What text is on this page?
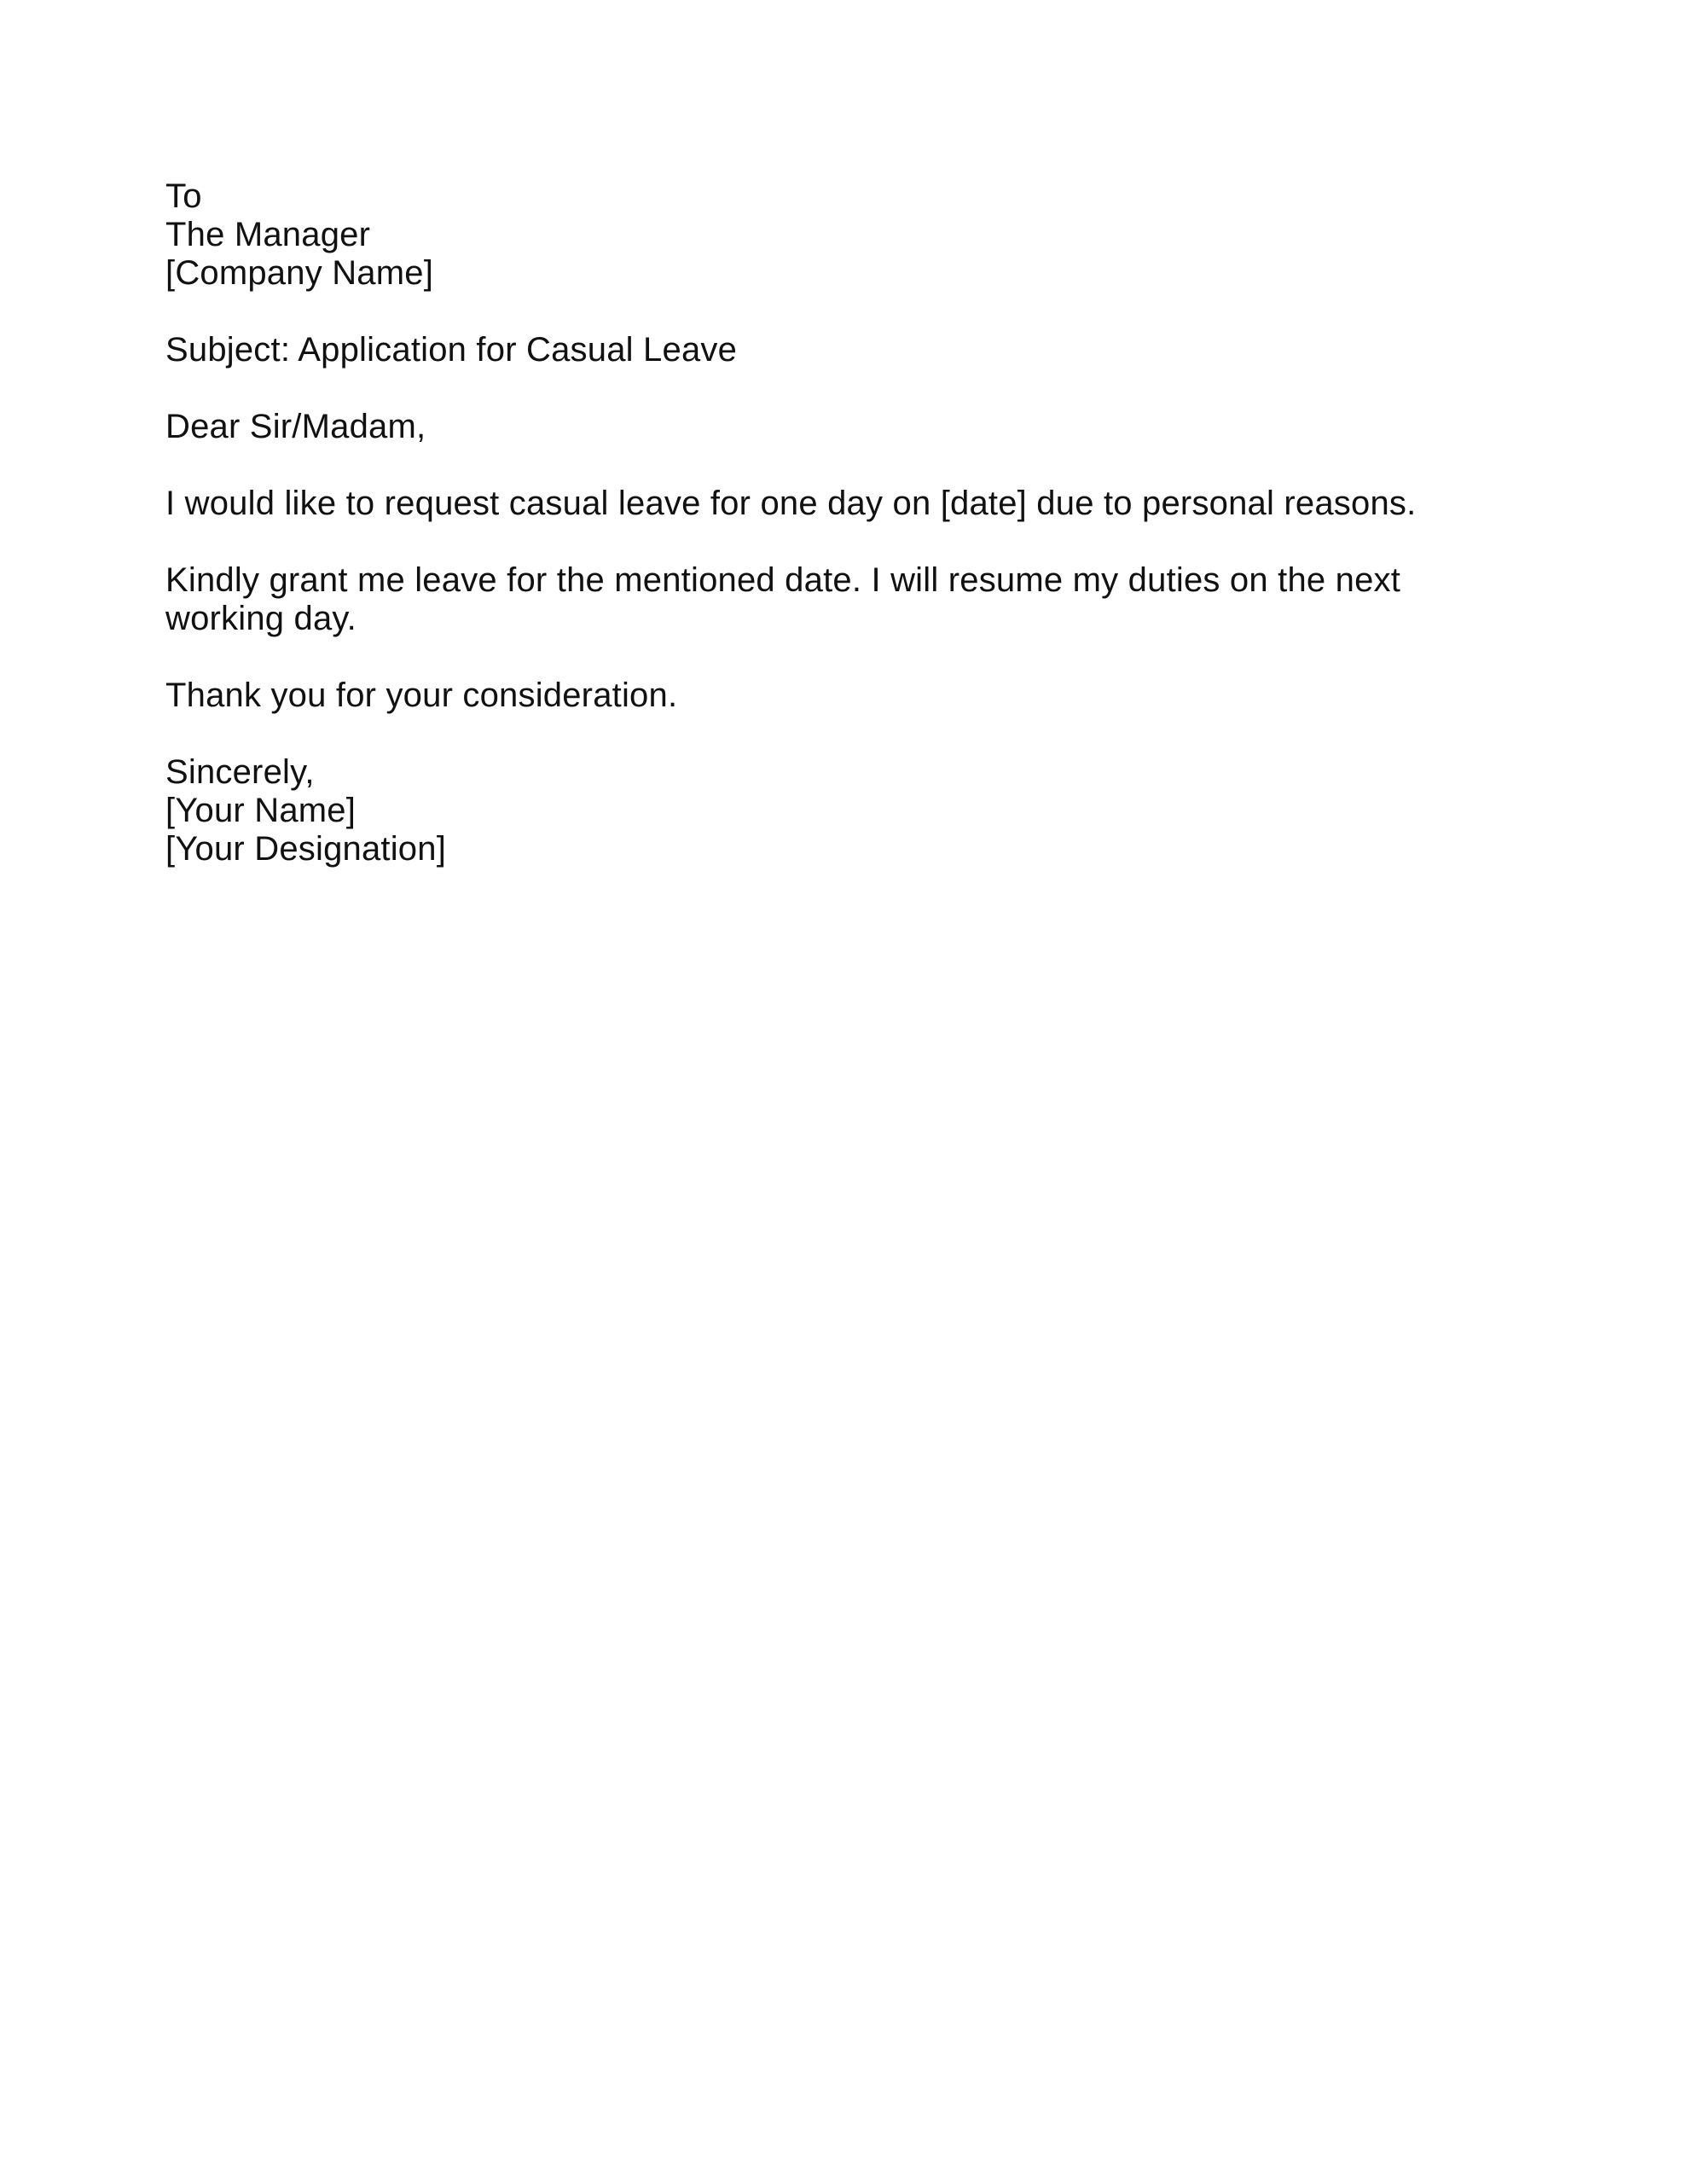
To
The Manager
[Company Name]
Subject: Application for Casual Leave
Dear Sir/Madam,
I would like to request casual leave for one day on [date] due to personal reasons.
Kindly grant me leave for the mentioned date. I will resume my duties on the next working day.
Thank you for your consideration.
Sincerely,
[Your Name]
[Your Designation]
